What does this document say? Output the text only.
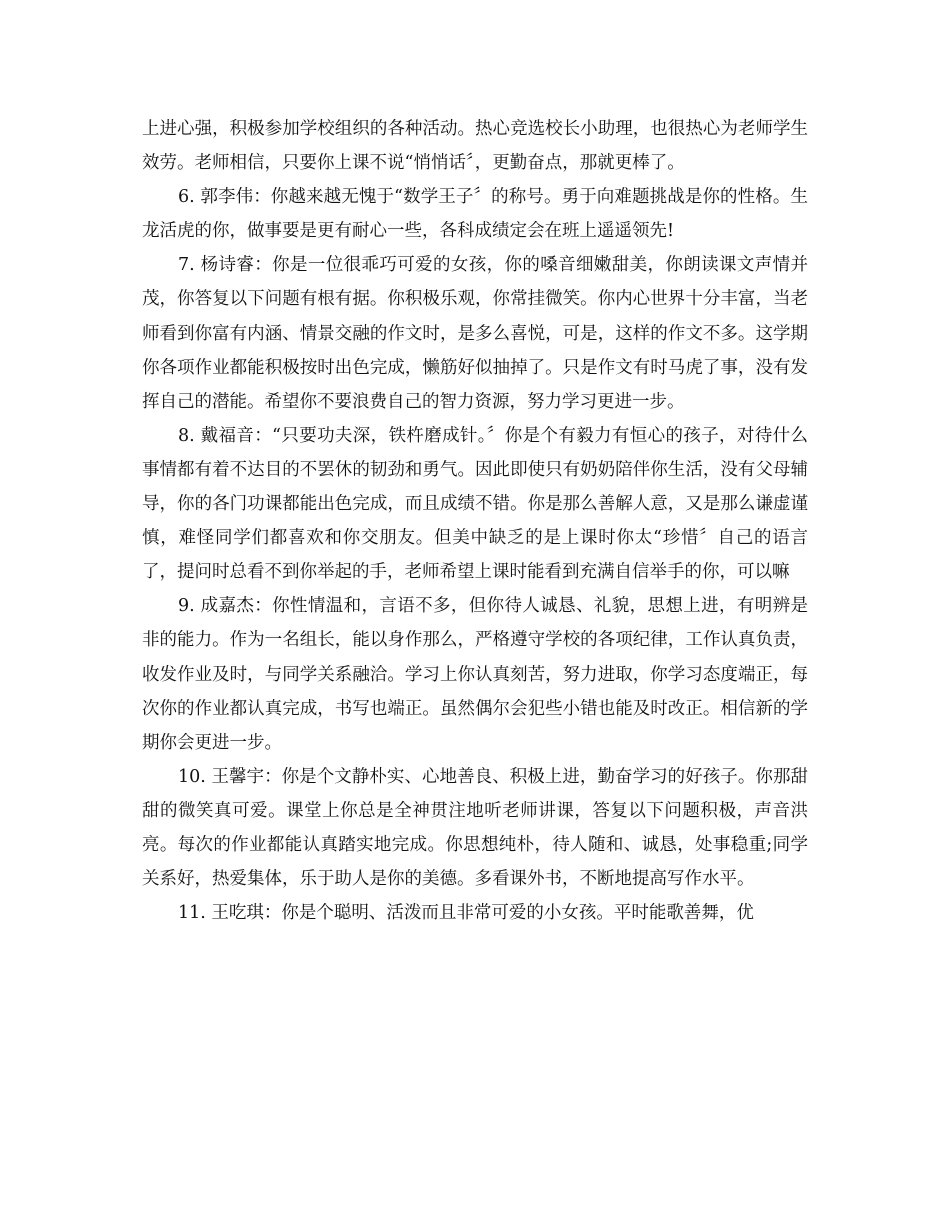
上进心强，积极参加学校组织的各种活动。热心竞选校长小助理，也很热心为老师学生效劳。老师相信，只要你上课不说“悄悄话〞，更勤奋点，那就更棒了。

6. 郭李伟：你越来越无愧于“数学王子〞的称号。勇于向难题挑战是你的性格。生龙活虎的你，做事要是更有耐心一些，各科成绩定会在班上遥遥领先!

7. 杨诗睿：你是一位很乖巧可爱的女孩，你的嗓音细嫩甜美，你朗读课文声情并茂，你答复以下问题有根有据。你积极乐观，你常挂微笑。你内心世界十分丰富，当老师看到你富有内涵、情景交融的作文时，是多么喜悦，可是，这样的作文不多。这学期你各项作业都能积极按时出色完成，懒筋好似抽掉了。只是作文有时马虎了事，没有发挥自己的潜能。希望你不要浪费自己的智力资源，努力学习更进一步。

8. 戴福音：“只要功夫深，铁杵磨成针。〞你是个有毅力有恒心的孩子，对待什么事情都有着不达目的不罢休的韧劲和勇气。因此即使只有奶奶陪伴你生活，没有父母辅导，你的各门功课都能出色完成，而且成绩不错。你是那么善解人意，又是那么谦虚谨慎，难怪同学们都喜欢和你交朋友。但美中缺乏的是上课时你太“珍惜〞自己的语言了，提问时总看不到你举起的手，老师希望上课时能看到充满自信举手的你，可以嘛

9. 成嘉杰：你性情温和，言语不多，但你待人诚恳、礼貌，思想上进，有明辨是非的能力。作为一名组长，能以身作那么，严格遵守学校的各项纪律，工作认真负责，收发作业及时，与同学关系融洽。学习上你认真刻苦，努力进取，你学习态度端正，每次你的作业都认真完成，书写也端正。虽然偶尔会犯些小错也能及时改正。相信新的学期你会更进一步。

10. 王馨宇：你是个文静朴实、心地善良、积极上进，勤奋学习的好孩子。你那甜甜的微笑真可爱。课堂上你总是全神贯注地听老师讲课，答复以下问题积极，声音洪亮。每次的作业都能认真踏实地完成。你思想纯朴，待人随和、诚恳，处事稳重;同学关系好，热爱集体，乐于助人是你的美德。多看课外书，不断地提高写作水平。

11. 王吃琪：你是个聪明、活泼而且非常可爱的小女孩。平时能歌善舞，优
